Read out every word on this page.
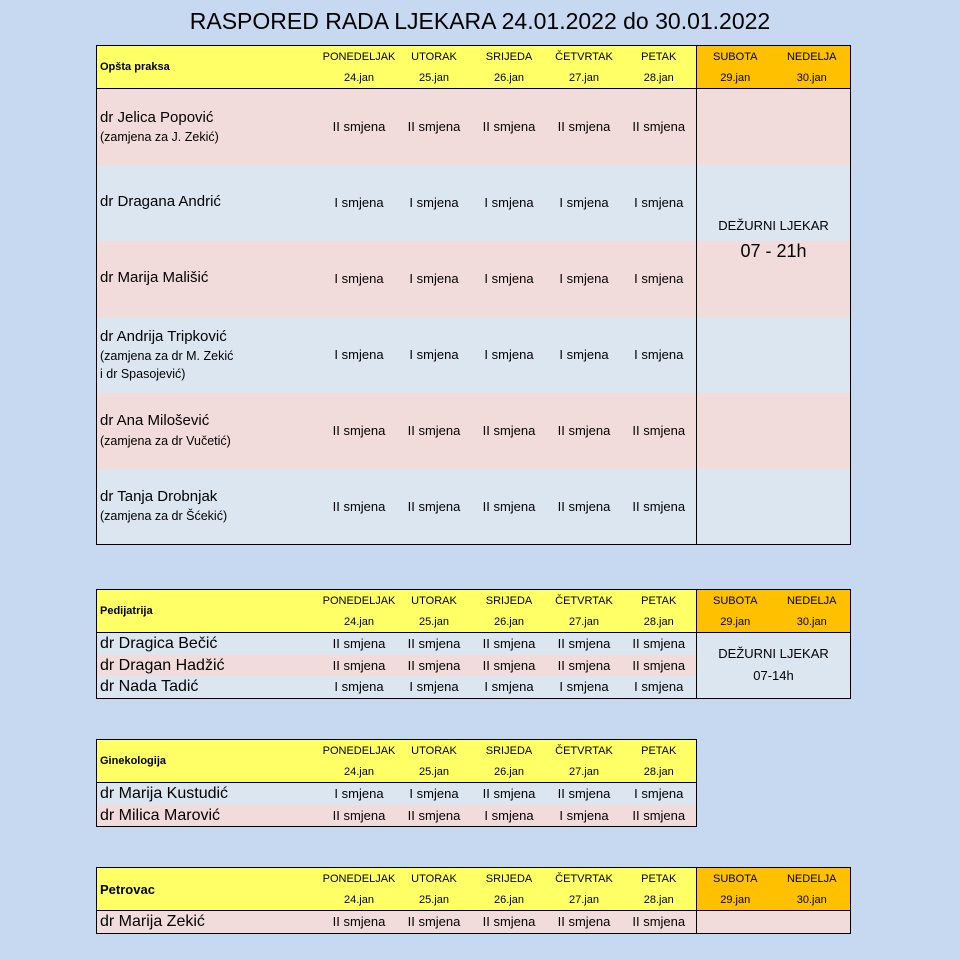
RASPORED RADA LJEKARA 24.01.2022 do 30.01.2022
Opšta praksa	PONEDELJAK	UTORAK	SRIJEDA	ČETVRTAK	PETAK	SUBOTA	NEDELJA
	24.jan	25.jan	26.jan	27.jan	28.jan	29.jan	30.jan
dr Jelica Popović
(zamjena za J. Zekić)	II smjena	II smjena	II smjena	II smjena	II smjena		
dr Dragana Andrić	I smjena	I smjena	I smjena	I smjena	I smjena	DEŽURNI LJEKAR
07 - 21h	
dr Marija Mališić	I smjena	I smjena	I smjena	I smjena	I smjena		
dr Andrija Tripković
(zamjena za dr M. Zekić
i dr Spasojević)	I smjena	I smjena	I smjena	I smjena	I smjena		
dr Ana Milošević
(zamjena za dr Vučetić)	II smjena	II smjena	II smjena	II smjena	II smjena		
dr Tanja Drobnjak
(zamjena za dr Šćekić)	II smjena	II smjena	II smjena	II smjena	II smjena		
Pedijatrija	PONEDELJAK	UTORAK	SRIJEDA	ČETVRTAK	PETAK	SUBOTA	NEDELJA
	24.jan	25.jan	26.jan	27.jan	28.jan	29.jan	30.jan
dr Dragica Bečić	II smjena	II smjena	II smjena	II smjena	II smjena	DEŽURNI LJEKAR
07-14h	
dr Dragan Hadžić	II smjena	II smjena	II smjena	II smjena	II smjena		
dr Nada Tadić	I smjena	I smjena	I smjena	I smjena	I smjena		
Ginekologija	PONEDELJAK	UTORAK	SRIJEDA	ČETVRTAK	PETAK
	24.jan	25.jan	26.jan	27.jan	28.jan
dr Marija Kustudić	I smjena	I smjena	II smjena	II smjena	I smjena
dr Milica Marović	II smjena	II smjena	I smjena	I smjena	II smjena
Petrovac	PONEDELJAK	UTORAK	SRIJEDA	ČETVRTAK	PETAK	SUBOTA	NEDELJA
	24.jan	25.jan	26.jan	27.jan	28.jan	29.jan	30.jan
dr Marija Zekić	II smjena	II smjena	II smjena	II smjena	II smjena		
